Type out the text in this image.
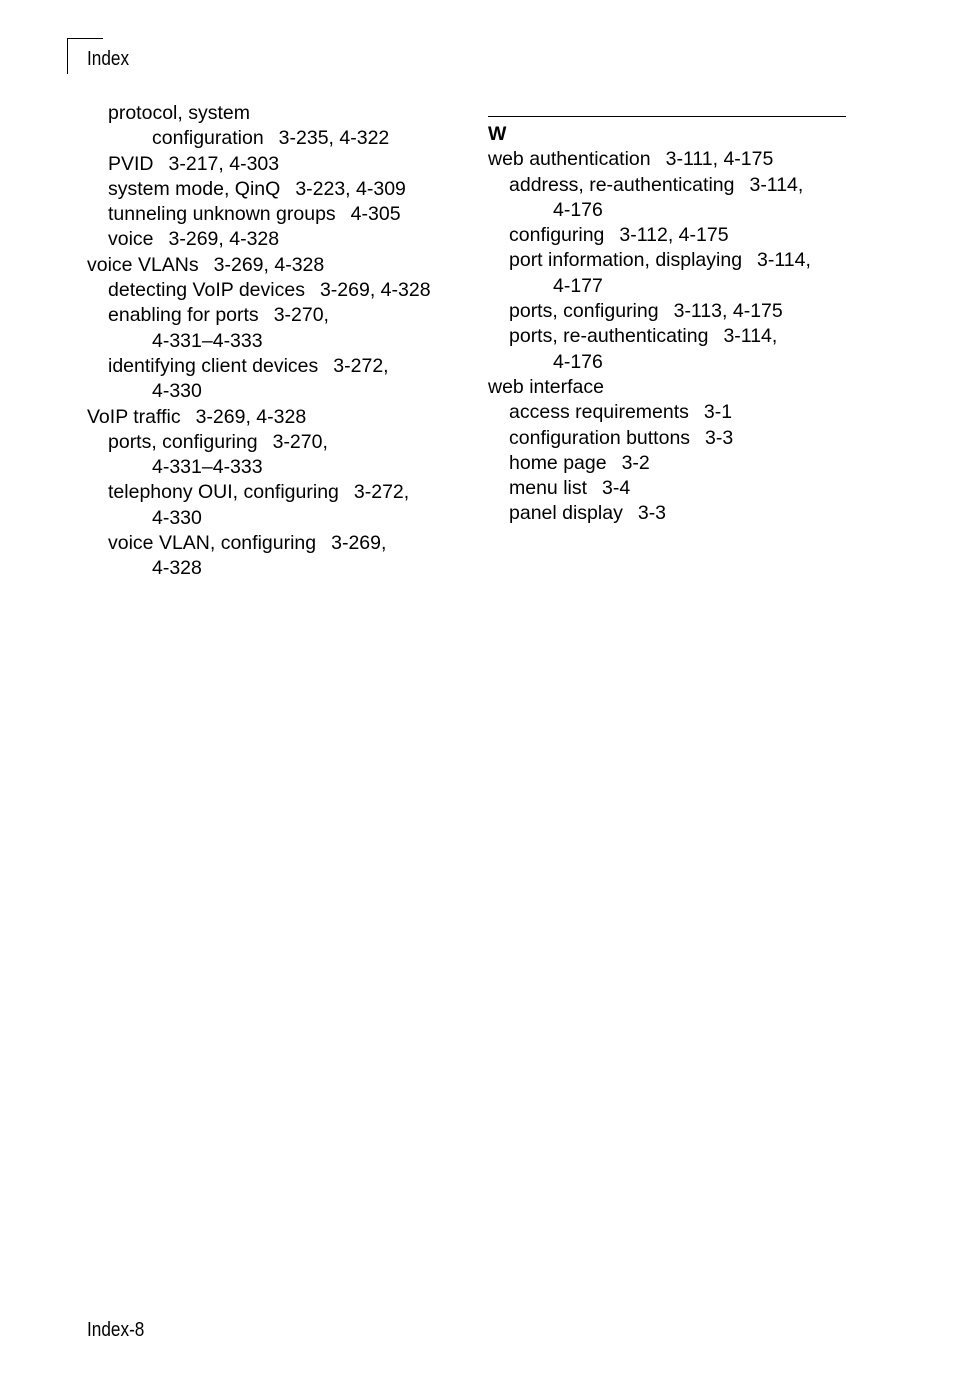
Index
protocol, system
configuration 3-235, 4-322
PVID 3-217, 4-303
system mode, QinQ 3-223, 4-309
tunneling unknown groups 4-305
voice 3-269, 4-328
voice VLANs 3-269, 4-328
detecting VoIP devices 3-269, 4-328
enabling for ports 3-270,
4-331–4-333
identifying client devices 3-272,
4-330
VoIP traffic 3-269, 4-328
ports, configuring 3-270,
4-331–4-333
telephony OUI, configuring 3-272,
4-330
voice VLAN, configuring 3-269,
4-328
W
web authentication 3-111, 4-175
address, re-authenticating 3-114,
4-176
configuring 3-112, 4-175
port information, displaying 3-114,
4-177
ports, configuring 3-113, 4-175
ports, re-authenticating 3-114,
4-176
web interface
access requirements 3-1
configuration buttons 3-3
home page 3-2
menu list 3-4
panel display 3-3
Index-8
